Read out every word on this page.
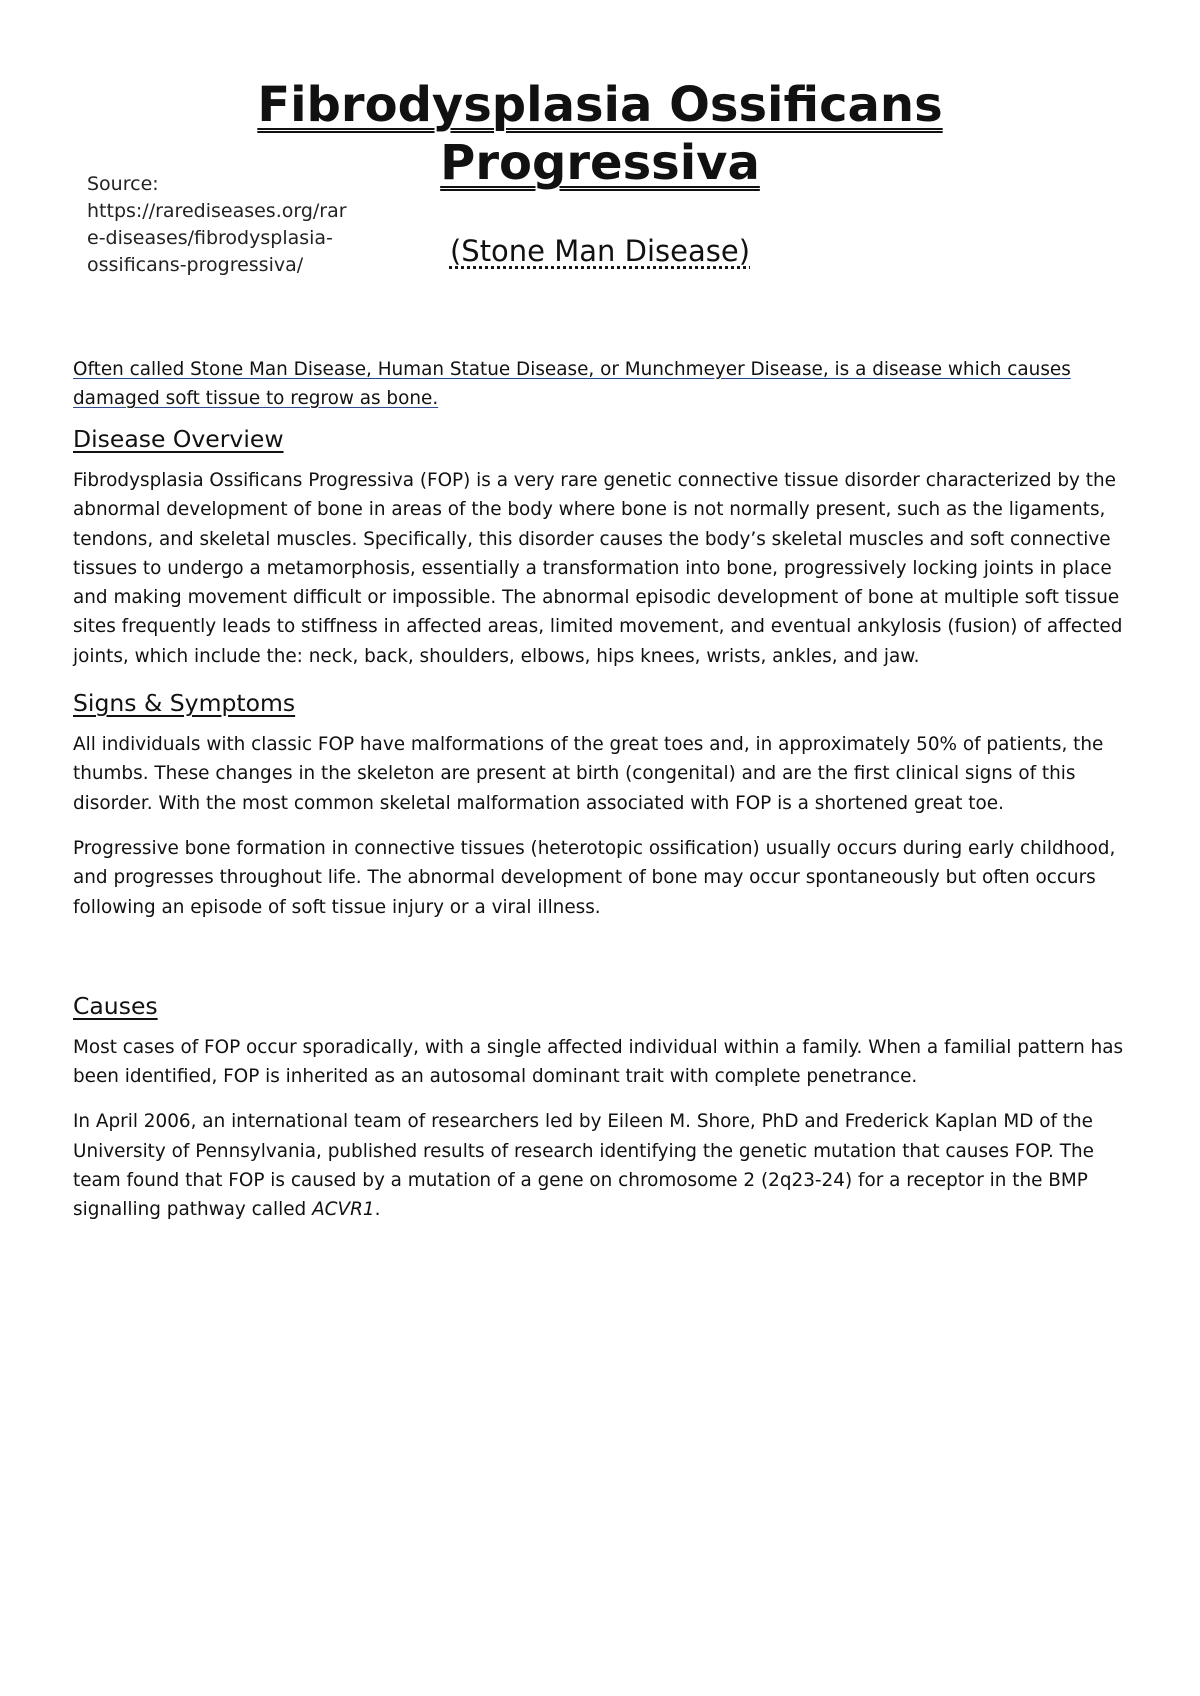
Source:
https://rarediseases.org/rar
e-diseases/fibrodysplasia-
ossificans-progressiva/
Fibrodysplasia Ossificans
Progressiva
(Stone Man Disease)

Often called Stone Man Disease, Human Statue Disease, or Munchmeyer Disease, is a disease which causes damaged soft tissue to regrow as bone.

Disease Overview

Fibrodysplasia Ossificans Progressiva (FOP) is a very rare genetic connective tissue disorder characterized by the abnormal development of bone in areas of the body where bone is not normally present, such as the ligaments, tendons, and skeletal muscles. Specifically, this disorder causes the body’s skeletal muscles and soft connective tissues to undergo a metamorphosis, essentially a transformation into bone, progressively locking joints in place and making movement difficult or impossible. The abnormal episodic development of bone at multiple soft tissue sites frequently leads to stiffness in affected areas, limited movement, and eventual ankylosis (fusion) of affected joints, which include the: neck, back, shoulders, elbows, hips knees, wrists, ankles, and jaw.

Signs & Symptoms

All individuals with classic FOP have malformations of the great toes and, in approximately 50% of patients, the thumbs. These changes in the skeleton are present at birth (congenital) and are the first clinical signs of this disorder. With the most common skeletal malformation associated with FOP is a shortened great toe.

Progressive bone formation in connective tissues (heterotopic ossification) usually occurs during early childhood, and progresses throughout life. The abnormal development of bone may occur spontaneously but often occurs following an episode of soft tissue injury or a viral illness.

Causes

Most cases of FOP occur sporadically, with a single affected individual within a family. When a familial pattern has been identified, FOP is inherited as an autosomal dominant trait with complete penetrance.

In April 2006, an international team of researchers led by Eileen M. Shore, PhD and Frederick Kaplan MD of the University of Pennsylvania, published results of research identifying the genetic mutation that causes FOP. The team found that FOP is caused by a mutation of a gene on chromosome 2 (2q23-24) for a receptor in the BMP signalling pathway called ACVR1.
